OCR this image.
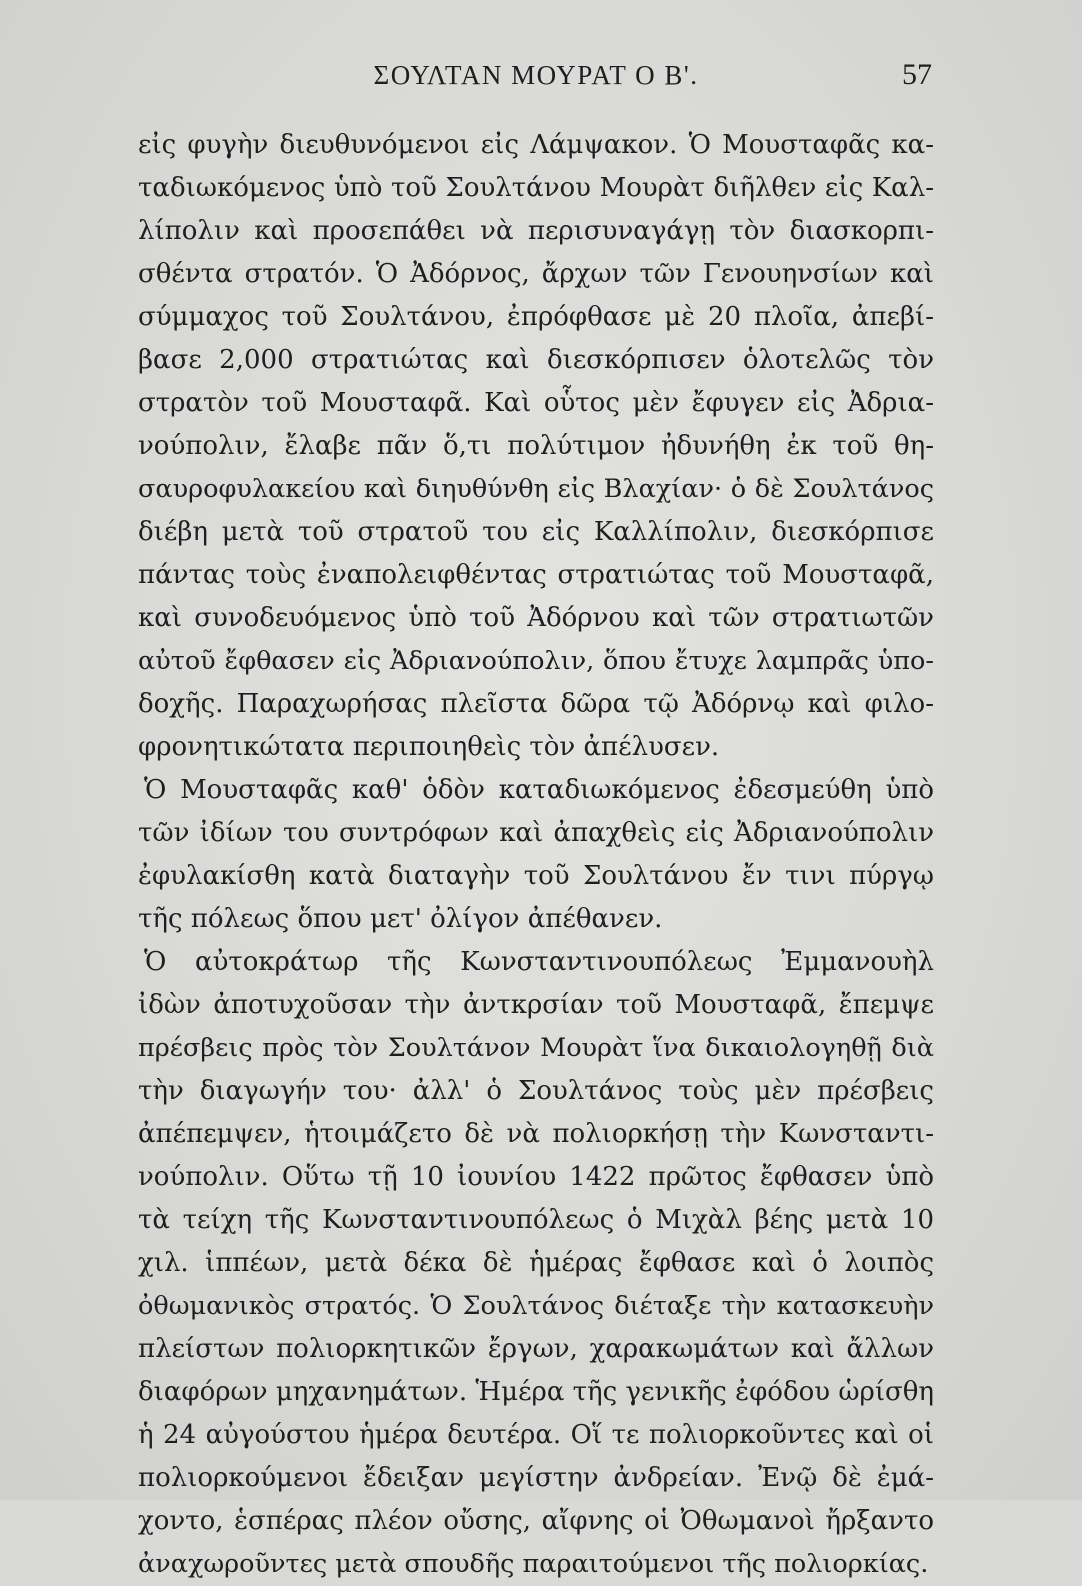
ΣΟΥΛΤΑΝ ΜΟΥΡΑΤ Ο Β'.	57
εἰς φυγὴν διευθυνόμενοι εἰς Λάμψακον. Ὁ Μουσταφᾶς κα-
ταδιωκόμενος ὑπὸ τοῦ Σουλτάνου Μουρὰτ διῆλθεν εἰς Καλ-
λίπολιν καὶ προσεπάθει νὰ περισυναγάγῃ τὸν διασκορπι-
σθέντα στρατόν. Ὁ Ἀδόρνος, ἄρχων τῶν Γενουηνσίων καὶ
σύμμαχος τοῦ Σουλτάνου, ἐπρόφθασε μὲ 20 πλοῖα, ἀπεβί-
βασε 2,000 στρατιώτας καὶ διεσκόρπισεν ὁλοτελῶς τὸν
στρατὸν τοῦ Μουσταφᾶ. Καὶ οὗτος μὲν ἔφυγεν εἰς Ἀδρια-
νούπολιν, ἔλαβε πᾶν ὅ,τι πολύτιμον ἠδυνήθη ἐκ τοῦ θη-
σαυροφυλακείου καὶ διηυθύνθη εἰς Βλαχίαν· ὁ δὲ Σουλτάνος
διέβη μετὰ τοῦ στρατοῦ του εἰς Καλλίπολιν, διεσκόρπισε
πάντας τοὺς ἐναπολειφθέντας στρατιώτας τοῦ Μουσταφᾶ,
καὶ συνοδευόμενος ὑπὸ τοῦ Ἀδόρνου καὶ τῶν στρατιωτῶν
αὐτοῦ ἔφθασεν εἰς Ἀδριανούπολιν, ὅπου ἔτυχε λαμπρᾶς ὑπο-
δοχῆς. Παραχωρήσας πλεῖστα δῶρα τῷ Ἀδόρνῳ καὶ φιλο-
φρονητικώτατα περιποιηθεὶς τὸν ἀπέλυσεν.
Ὁ Μουσταφᾶς καθ' ὁδὸν καταδιωκόμενος ἐδεσμεύθη ὑπὸ
τῶν ἰδίων του συντρόφων καὶ ἀπαχθεὶς εἰς Ἀδριανούπολιν
ἐφυλακίσθη κατὰ διαταγὴν τοῦ Σουλτάνου ἔν τινι πύργῳ
τῆς πόλεως ὅπου μετ' ὀλίγον ἀπέθανεν.
Ὁ αὐτοκράτωρ τῆς Κωνσταντινουπόλεως Ἐμμανουὴλ
ἰδὼν ἀποτυχοῦσαν τὴν ἀντκρσίαν τοῦ Μουσταφᾶ, ἔπεμψε
πρέσβεις πρὸς τὸν Σουλτάνον Μουρὰτ ἵνα δικαιολογηθῇ διὰ
τὴν διαγωγήν του· ἀλλ' ὁ Σουλτάνος τοὺς μὲν πρέσβεις
ἀπέπεμψεν, ἡτοιμάζετο δὲ νὰ πολιορκήσῃ τὴν Κωνσταντι-
νούπολιν. Οὕτω τῇ 10 ἰουνίου 1422 πρῶτος ἔφθασεν ὑπὸ
τὰ τείχη τῆς Κωνσταντινουπόλεως ὁ Μιχὰλ βέης μετὰ 10
χιλ. ἱππέων, μετὰ δέκα δὲ ἡμέρας ἔφθασε καὶ ὁ λοιπὸς
ὀθωμανικὸς στρατός. Ὁ Σουλτάνος διέταξε τὴν κατασκευὴν
πλείστων πολιορκητικῶν ἔργων, χαρακωμάτων καὶ ἄλλων
διαφόρων μηχανημάτων. Ἡμέρα τῆς γενικῆς ἐφόδου ὡρίσθη
ἡ 24 αὐγούστου ἡμέρα δευτέρα. Οἵ τε πολιορκοῦντες καὶ οἱ
πολιορκούμενοι ἔδειξαν μεγίστην ἀνδρείαν. Ἐνῷ δὲ ἐμά-
χοντο, ἑσπέρας πλέον οὔσης, αἴφνης οἱ Ὀθωμανοὶ ἤρξαντο
ἀναχωροῦντες μετὰ σπουδῆς παραιτούμενοι τῆς πολιορκίας.
